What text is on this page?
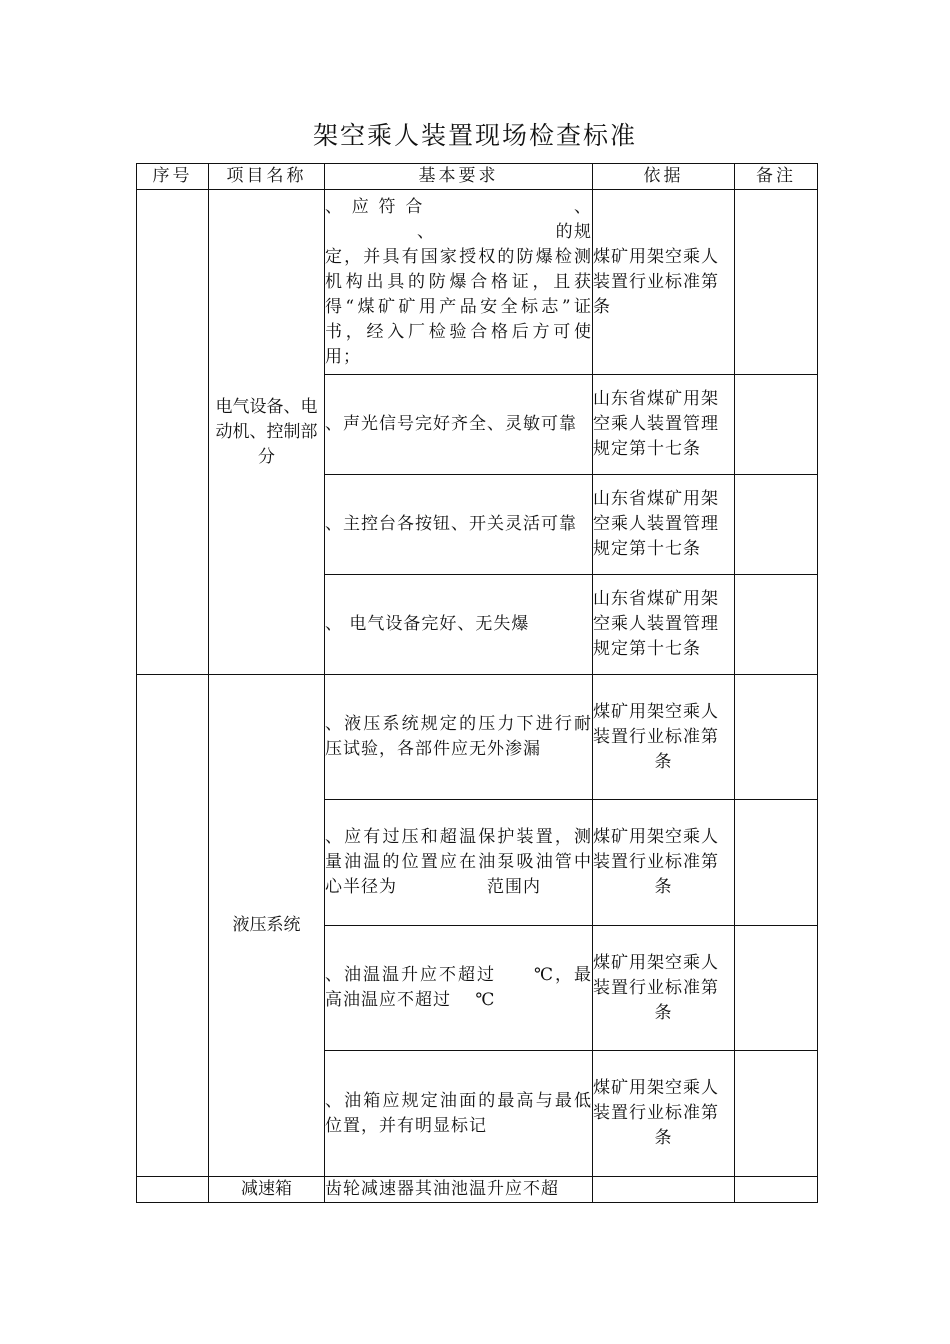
架空乘人装置现场检查标准
序号	项目名称	基本要求	依据	备注
	电气设备、电动机、控制部分	、 应 符 合 　　　　　　　 、 　　　　　、　　　　　　　的规定，并具有国家授权的防爆检测机构出具的防爆合格证，且获得“煤矿矿用产品安全标志”证书，经入厂检验合格后方可使用；	煤矿用架空乘人装置行业标准第　　　条	

		、声光信号完好齐全、灵敏可靠	山东省煤矿用架空乘人装置管理规定第十七条	

		、主控台各按钮、开关灵活可靠	山东省煤矿用架空乘人装置管理规定第十七条	

		、 电气设备完好、无失爆	山东省煤矿用架空乘人装置管理规定第十七条	

	液压系统	、液压系统规定的压力下进行耐压试验，各部件应无外渗漏	煤矿用架空乘人装置行业标准第
条	

		、应有过压和超温保护装置，测量油温的位置应在油泵吸油管中心半径为　　　　　范围内	煤矿用架空乘人装置行业标准第
条	

		、油温温升应不超过　　℃，最高油温应不超过　 ℃	煤矿用架空乘人装置行业标准第
条	

		、油箱应规定油面的最高与最低位置，并有明显标记	煤矿用架空乘人装置行业标准第
条	

	减速箱	齿轮减速器其油池温升应不超		
